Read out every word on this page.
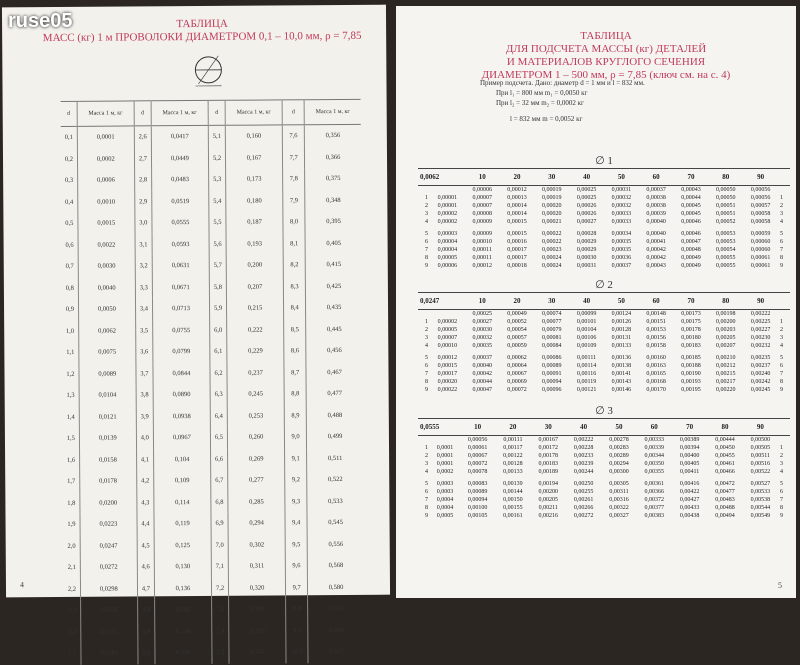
ruse05	ТАБЛИЦА
МАСС (кг) 1 м ПРОВОЛОКИ ДИАМЕТРОМ 0,1 – 10,0 мм, ρ = 7,85
d	Масса 1 м, кг	d	Масса 1 м, кг	d	Масса 1 м, кг	d	Масса 1 м, кг
0,1	0,0001	2,6	0,0417	5,1	0,160	7,6	0,356
0,2	0,0002	2,7	0,0449	5,2	0,167	7,7	0,366
0,3	0,0006	2,8	0,0483	5,3	0,173	7,8	0,375
0,4	0,0010	2,9	0,0519	5,4	0,180	7,9	0,348
0,5	0,0015	3,0	0,0555	5,5	0,187	8,0	0,395
0,6	0,0022	3,1	0,0593	5,6	0,193	8,1	0,405
0,7	0,0030	3,2	0,0631	5,7	0,200	8,2	0,415
0,8	0,0040	3,3	0,0671	5,8	0,207	8,3	0,425
0,9	0,0050	3,4	0,0713	5,9	0,215	8,4	0,435
1,0	0,0062	3,5	0,0755	6,0	0,222	8,5	0,445
1,1	0,0075	3,6	0,0799	6,1	0,229	8,6	0,456
1,2	0,0089	3,7	0,0844	6,2	0,237	8,7	0,467
1,3	0,0104	3,8	0,0890	6,3	0,245	8,8	0,477
1,4	0,0121	3,9	0,0938	6,4	0,253	8,9	0,488
1,5	0,0139	4,0	0,0967	6,5	0,260	9,0	0,499
1,6	0,0158	4,1	0,104	6,6	0,269	9,1	0,511
1,7	0,0178	4,2	0,109	6,7	0,277	9,2	0,522
1,8	0,0200	4,3	0,114	6,8	0,285	9,3	0,533
1,9	0,0223	4,4	0,119	6,9	0,294	9,4	0,545
2,0	0,0247	4,5	0,125	7,0	0,302	9,5	0,556
2,1	0,0272	4,6	0,130	7,1	0,311	9,6	0,568
2,2	0,0298	4,7	0,136	7,2	0,320	9,7	0,580
2,3	0,0326	4,8	0,142	7,3	0,329	9,8	0,592
2,4	0,0355	4,9	0,148	7,4	0,338	9,9	0,604
2,5	0,0385	5,0	0,154	7,5	0,347	10,0	0,617
4
ТАБЛИЦА
ДЛЯ ПОДСЧЕТА МАССЫ (кг) ДЕТАЛЕЙ
И МАТЕРИАЛОВ КРУГЛОГО СЕЧЕНИЯ
ДИАМЕТРОМ 1 – 500 мм, ρ = 7,85 (ключ см. на с. 4)
Пример подсчета. Дано: диаметр d = 1 мм и l = 832 мм.
При l₁ = 800 мм m₁ = 0,0050 кг
При l₂ = 32 мм m₂ = 0,0002 кг
l = 832 мм m = 0,0052 кг
∅ 1
0,0062		10	20	30	40	50	60	70	80	90	
		0,00006	0,00012	0,00019	0,00025	0,00031	0,00037	0,00043	0,00050	0,00056	
1	0,00001	0,00007	0,00013	0,00019	0,00025	0,00032	0,00038	0,00044	0,00050	0,00056	1
2	0,00001	0,00007	0,00014	0,00020	0,00026	0,00032	0,00038	0,00045	0,00051	0,00057	2
3	0,00002	0,00008	0,00014	0,00020	0,00026	0,00033	0,00039	0,00045	0,00051	0,00058	3
4	0,00002	0,00009	0,00015	0,00021	0,00027	0,00033	0,00040	0,00046	0,00052	0,00058	4

5	0,00003	0,00009	0,00015	0,00022	0,00028	0,00034	0,00040	0,00046	0,00053	0,00059	5
6	0,00004	0,00010	0,00016	0,00022	0,00029	0,00035	0,00041	0,00047	0,00053	0,00060	6
7	0,00004	0,00011	0,00017	0,00023	0,00029	0,00035	0,00042	0,00048	0,00054	0,00060	7
8	0,00005	0,00011	0,00017	0,00024	0,00030	0,00036	0,00042	0,00049	0,00055	0,00061	8
9	0,00006	0,00012	0,00018	0,00024	0,00031	0,00037	0,00043	0,00049	0,00055	0,00061	9
∅ 2
0,0247		10	20	30	40	50	60	70	80	90	
		0,00025	0,00049	0,00074	0,00099	0,00124	0,00148	0,00173	0,00198	0,00222	
1	0,00002	0,00027	0,00052	0,00077	0,00101	0,00126	0,00151	0,00175	0,00200	0,00225	1
2	0,00005	0,00030	0,00054	0,00079	0,00104	0,00128	0,00153	0,00178	0,00203	0,00227	2
3	0,00007	0,00032	0,00057	0,00081	0,00106	0,00131	0,00156	0,00180	0,00205	0,00230	3
4	0,00010	0,00035	0,00059	0,00084	0,00109	0,00133	0,00158	0,00183	0,00207	0,00232	4

5	0,00012	0,00037	0,00062	0,00086	0,00111	0,00136	0,00160	0,00185	0,00210	0,00235	5
6	0,00015	0,00040	0,00064	0,00089	0,00114	0,00138	0,00163	0,00188	0,00212	0,00237	6
7	0,00017	0,00042	0,00067	0,00091	0,00116	0,00141	0,00165	0,00190	0,00215	0,00240	7
8	0,00020	0,00044	0,00069	0,00094	0,00119	0,00143	0,00168	0,00193	0,00217	0,00242	8
9	0,00022	0,00047	0,00072	0,00096	0,00121	0,00146	0,00170	0,00195	0,00220	0,00245	9
∅ 3
0,0555		10	20	30	40	50	60	70	80	90	
		0,00056	0,00111	0,00167	0,00222	0,00278	0,00333	0,00389	0,00444	0,00500	
1	0,0001	0,00061	0,00117	0,00172	0,00228	0,00283	0,00339	0,00394	0,00450	0,00505	1
2	0,0001	0,00067	0,00122	0,00178	0,00233	0,00289	0,00344	0,00400	0,00455	0,00511	2
3	0,0001	0,00072	0,00128	0,00183	0,00239	0,00294	0,00350	0,00405	0,00461	0,00516	3
4	0,0002	0,00078	0,00133	0,00189	0,00244	0,00300	0,00355	0,00411	0,00466	0,00522	4

5	0,0003	0,00083	0,00139	0,00194	0,00250	0,00305	0,00361	0,00416	0,00472	0,00527	5
6	0,0003	0,00089	0,00144	0,00200	0,00255	0,00311	0,00366	0,00422	0,00477	0,00533	6
7	0,0004	0,00094	0,00150	0,00205	0,00261	0,00316	0,00372	0,00427	0,00483	0,00538	7
8	0,0004	0,00100	0,00155	0,00211	0,00266	0,00322	0,00377	0,00433	0,00488	0,00544	8
9	0,0005	0,00105	0,00161	0,00216	0,00272	0,00327	0,00383	0,00438	0,00494	0,00549	9
5
